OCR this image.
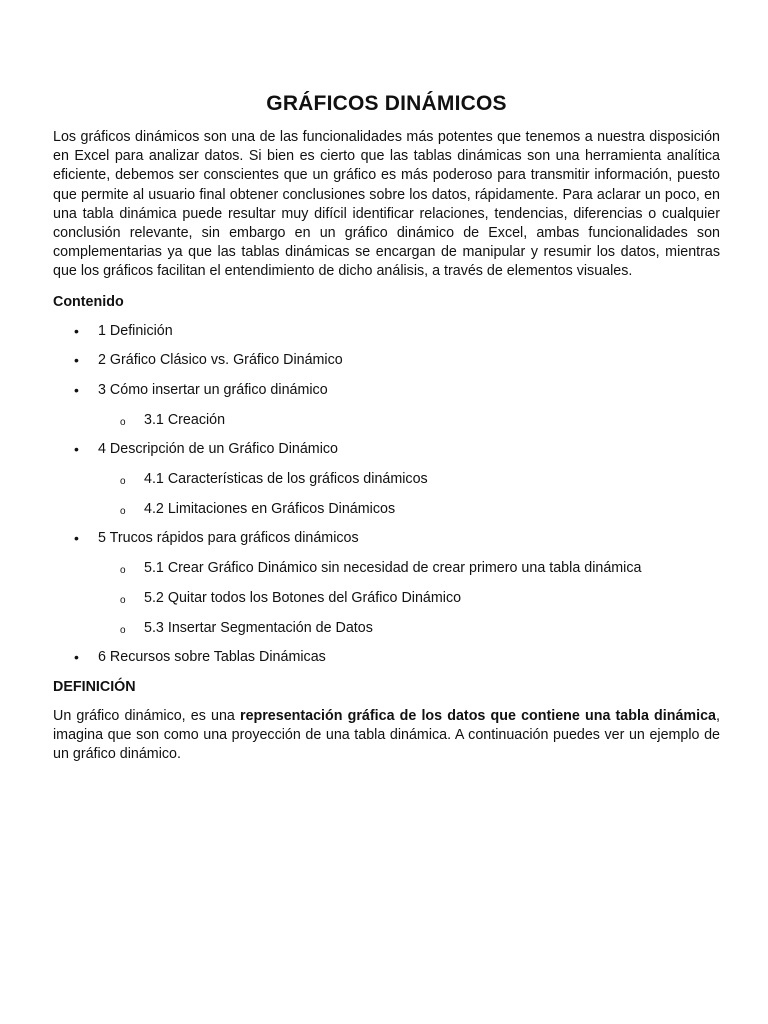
GRÁFICOS DINÁMICOS

Los gráficos dinámicos son una de las funcionalidades más potentes que tenemos a nuestra disposición en Excel para analizar datos. Si bien es cierto que las tablas dinámicas son una herramienta analítica eficiente, debemos ser conscientes que un gráfico es más poderoso para transmitir información, puesto que permite al usuario final obtener conclusiones sobre los datos, rápidamente. Para aclarar un poco, en una tabla dinámica puede resultar muy difícil identificar relaciones, tendencias, diferencias o cualquier conclusión relevante, sin embargo en un gráfico dinámico de Excel, ambas funcionalidades son complementarias ya que las tablas dinámicas se encargan de manipular y resumir los datos, mientras que los gráficos facilitan el entendimiento de dicho análisis, a través de elementos visuales.

Contenido
• 1 Definición
• 2 Gráfico Clásico vs. Gráfico Dinámico
• 3 Cómo insertar un gráfico dinámico
o 3.1 Creación
• 4 Descripción de un Gráfico Dinámico
o 4.1 Características de los gráficos dinámicos
o 4.2 Limitaciones en Gráficos Dinámicos
• 5 Trucos rápidos para gráficos dinámicos
o 5.1 Crear Gráfico Dinámico sin necesidad de crear primero una tabla dinámica
o 5.2 Quitar todos los Botones del Gráfico Dinámico
o 5.3 Insertar Segmentación de Datos
• 6 Recursos sobre Tablas Dinámicas
DEFINICIÓN

Un gráfico dinámico, es una representación gráfica de los datos que contiene una tabla dinámica, imagina que son como una proyección de una tabla dinámica. A continuación puedes ver un ejemplo de un gráfico dinámico.
